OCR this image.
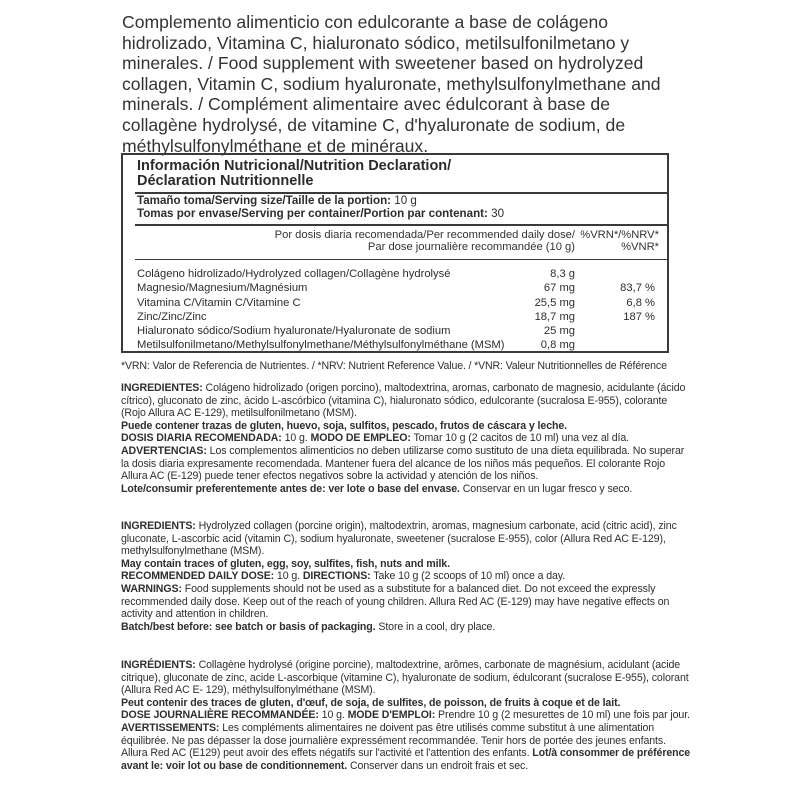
Complemento alimenticio con edulcorante a base de colágeno hidrolizado, Vitamina C, hialuronato sódico, metilsulfonilmetano y minerales. / Food supplement with sweetener based on hydrolyzed collagen, Vitamin C, sodium hyaluronate, methylsulfonylmethane and minerals. / Complément alimentaire avec édulcorant à base de collagène hydrolysé, de vitamine C, d'hyaluronate de sodium, de méthylsulfonylméthane et de minéraux.
Información Nutricional/Nutrition Declaration/
Déclaration Nutritionnelle
Tamaño toma/Serving size/Taille de la portion: 10 g
Tomas por envase/Serving per container/Portion par contenant: 30
Por dosis diaria recomendada/Per recommended daily dose/
Par dose journalière recommandée (10 g)
%VRN*/%NRV*
%VNR*
Colágeno hidrolizado/Hydrolyzed collagen/Collagène hydrolysé	8,3 g
Magnesio/Magnesium/Magnésium	67 mg	83,7 %
Vitamina C/Vitamin C/Vitamine C	25,5 mg	6,8 %
Zinc/Zinc/Zinc	18,7 mg	187 %
Hialuronato sódico/Sodium hyaluronate/Hyaluronate de sodium	25 mg
Metilsulfonilmetano/Methylsulfonylmethane/Méthylsulfonylméthane (MSM)	0,8 mg
*VRN: Valor de Referencia de Nutrientes. / *NRV: Nutrient Reference Value. / *VNR: Valeur Nutritionnelles de Référence

INGREDIENTES: Colágeno hidrolizado (origen porcino), maltodextrina, aromas, carbonato de magnesio, acidulante (ácido cítrico), gluconato de zinc, ácido L-ascórbico (vitamina C), hialuronato sódico, edulcorante (sucralosa E-955), colorante (Rojo Allura AC E-129), metilsulfonilmetano (MSM).

Puede contener trazas de gluten, huevo, soja, sulfitos, pescado, frutos de cáscara y leche.

DOSIS DIARIA RECOMENDADA: 10 g. MODO DE EMPLEO: Tomar 10 g (2 cacitos de 10 ml) una vez al día.

ADVERTENCIAS: Los complementos alimenticios no deben utilizarse como sustituto de una dieta equilibrada. No superar la dosis diaria expresamente recomendada. Mantener fuera del alcance de los niños más pequeños. El colorante Rojo Allura AC (E-129) puede tener efectos negativos sobre la actividad y atención de los niños.

Lote/consumir preferentemente antes de: ver lote o base del envase. Conservar en un lugar fresco y seco.

INGREDIENTS: Hydrolyzed collagen (porcine origin), maltodextrin, aromas, magnesium carbonate, acid (citric acid), zinc gluconate, L-ascorbic acid (vitamin C), sodium hyaluronate, sweetener (sucralose E-955), color (Allura Red AC E-129), methylsulfonylmethane (MSM).

May contain traces of gluten, egg, soy, sulfites, fish, nuts and milk.

RECOMMENDED DAILY DOSE: 10 g. DIRECTIONS: Take 10 g (2 scoops of 10 ml) once a day.

WARNINGS: Food supplements should not be used as a substitute for a balanced diet. Do not exceed the expressly recommended daily dose. Keep out of the reach of young children. Allura Red AC (E-129) may have negative effects on activity and attention in children.

Batch/best before: see batch or basis of packaging. Store in a cool, dry place.

INGRÉDIENTS: Collagène hydrolysé (origine porcine), maltodextrine, arômes, carbonate de magnésium, acidulant (acide citrique), gluconate de zinc, acide L-ascorbique (vitamine C), hyaluronate de sodium, édulcorant (sucralose E-955), colorant (Allura Red AC E- 129), méthylsulfonylméthane (MSM).

Peut contenir des traces de gluten, d'œuf, de soja, de sulfites, de poisson, de fruits à coque et de lait.

DOSE JOURNALIÈRE RECOMMANDÉE: 10 g. MODE D'EMPLOI: Prendre 10 g (2 mesurettes de 10 ml) une fois par jour. AVERTISSEMENTS: Les compléments alimentaires ne doivent pas être utilisés comme substitut à une alimentation équilibrée. Ne pas dépasser la dose journalière expressément recommandée. Tenir hors de portée des jeunes enfants. Allura Red AC (E129) peut avoir des effets négatifs sur l'activité et l'attention des enfants. Lot/à consommer de préférence avant le: voir lot ou base de conditionnement. Conserver dans un endroit frais et sec.
